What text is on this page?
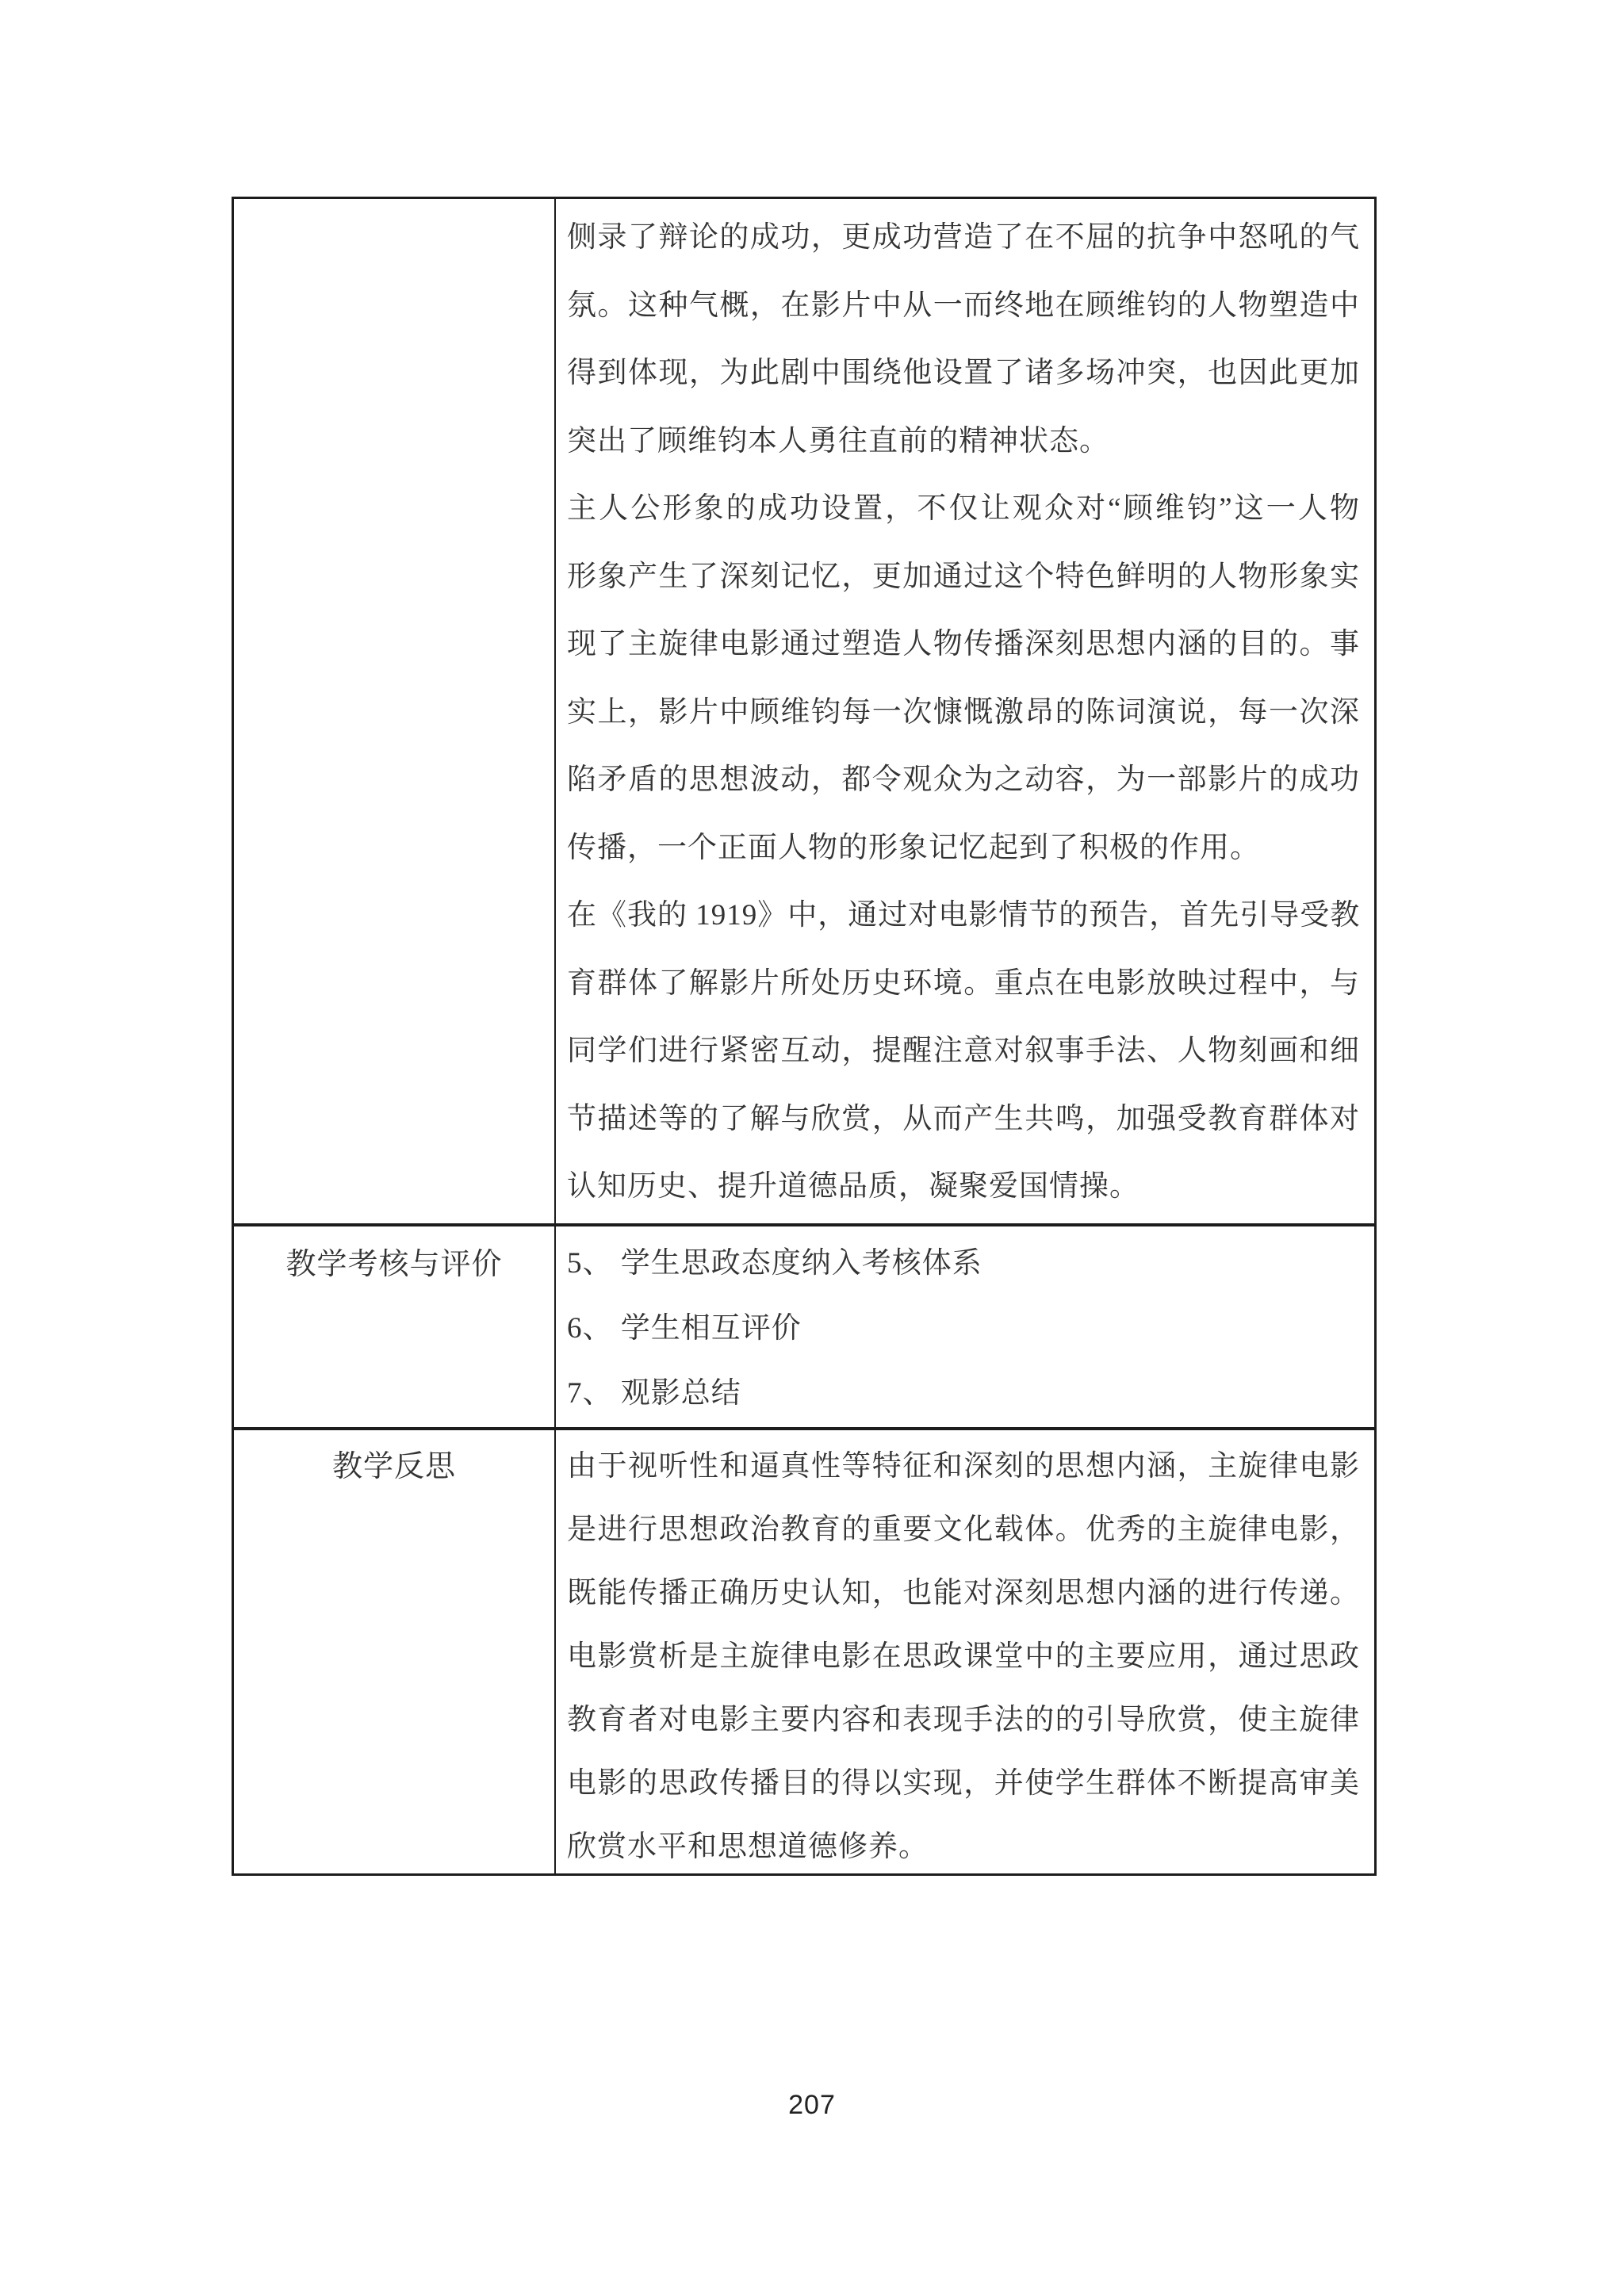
侧录了辩论的成功，更成功营造了在不屈的抗争中怒吼的气
氛。这种气概，在影片中从一而终地在顾维钧的人物塑造中
得到体现，为此剧中围绕他设置了诸多场冲突，也因此更加
突出了顾维钧本人勇往直前的精神状态。
主人公形象的成功设置，不仅让观众对“顾维钧”这一人物
形象产生了深刻记忆，更加通过这个特色鲜明的人物形象实
现了主旋律电影通过塑造人物传播深刻思想内涵的目的。事
实上，影片中顾维钧每一次慷慨激昂的陈词演说，每一次深
陷矛盾的思想波动，都令观众为之动容，为一部影片的成功
传播，一个正面人物的形象记忆起到了积极的作用。
在《我的 1919》中，通过对电影情节的预告，首先引导受教
育群体了解影片所处历史环境。重点在电影放映过程中，与
同学们进行紧密互动，提醒注意对叙事手法、人物刻画和细
节描述等的了解与欣赏，从而产生共鸣，加强受教育群体对
认知历史、提升道德品质，凝聚爱国情操。
教学考核与评价	5、 学生思政态度纳入考核体系
6、 学生相互评价
7、 观影总结
教学反思	由于视听性和逼真性等特征和深刻的思想内涵，主旋律电影
是进行思想政治教育的重要文化载体。优秀的主旋律电影，
既能传播正确历史认知，也能对深刻思想内涵的进行传递。
电影赏析是主旋律电影在思政课堂中的主要应用，通过思政
教育者对电影主要内容和表现手法的的引导欣赏，使主旋律
电影的思政传播目的得以实现，并使学生群体不断提高审美
欣赏水平和思想道德修养。
207
